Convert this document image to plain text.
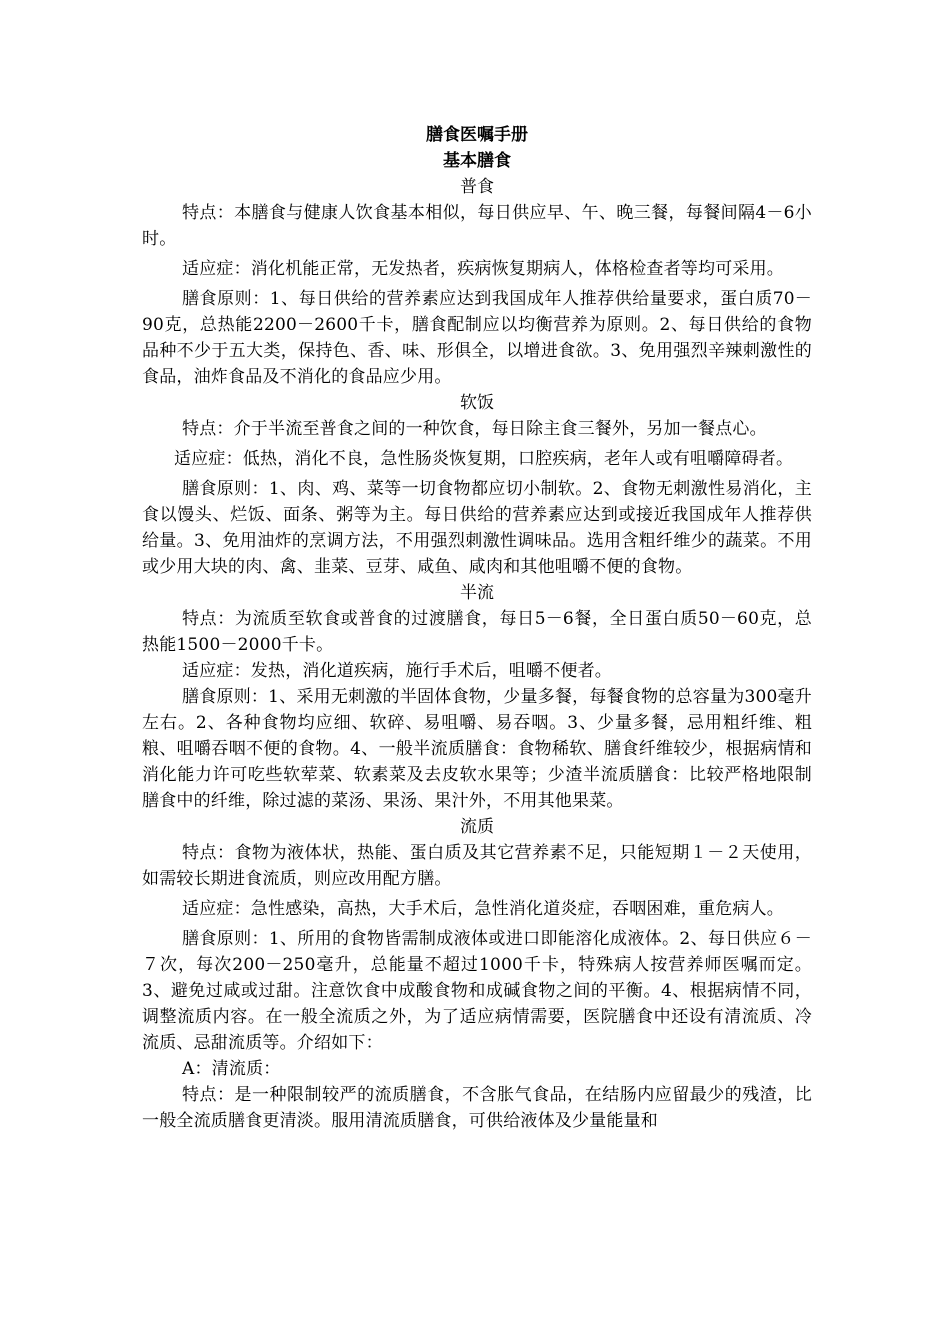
膳食医嘱手册

基本膳食

普食

特点：本膳食与健康人饮食基本相似，每日供应早、午、晚三餐，每餐间隔4－6小时。

适应症：消化机能正常，无发热者，疾病恢复期病人，体格检查者等均可采用。

膳食原则：1、每日供给的营养素应达到我国成年人推荐供给量要求，蛋白质70－90克，总热能2200－2600千卡，膳食配制应以均衡营养为原则。2、每日供给的食物品种不少于五大类，保持色、香、味、形俱全，以增进食欲。3、免用强烈辛辣刺激性的食品，油炸食品及不消化的食品应少用。

软饭

特点：介于半流至普食之间的一种饮食，每日除主食三餐外，另加一餐点心。

适应症：低热，消化不良，急性肠炎恢复期，口腔疾病，老年人或有咀嚼障碍者。

膳食原则：1、肉、鸡、菜等一切食物都应切小制软。2、食物无刺激性易消化，主食以馒头、烂饭、面条、粥等为主。每日供给的营养素应达到或接近我国成年人推荐供给量。3、免用油炸的烹调方法，不用强烈刺激性调味品。选用含粗纤维少的蔬菜。不用或少用大块的肉、禽、韭菜、豆芽、咸鱼、咸肉和其他咀嚼不便的食物。

半流

特点：为流质至软食或普食的过渡膳食，每日5－6餐，全日蛋白质50－60克，总热能1500－2000千卡。

适应症：发热，消化道疾病，施行手术后，咀嚼不便者。

膳食原则：1、采用无刺激的半固体食物，少量多餐，每餐食物的总容量为300毫升左右。2、各种食物均应细、软碎、易咀嚼、易吞咽。3、少量多餐，忌用粗纤维、粗粮、咀嚼吞咽不便的食物。4、一般半流质膳食：食物稀软、膳食纤维较少，根据病情和消化能力许可吃些软荤菜、软素菜及去皮软水果等；少渣半流质膳食：比较严格地限制膳食中的纤维，除过滤的菜汤、果汤、果汁外，不用其他果菜。

流质

特点：食物为液体状，热能、蛋白质及其它营养素不足，只能短期１－２天使用，如需较长期进食流质，则应改用配方膳。

适应症：急性感染，高热，大手术后，急性消化道炎症，吞咽困难，重危病人。

膳食原则：1、所用的食物皆需制成液体或进口即能溶化成液体。2、每日供应６－７次，每次200－250毫升，总能量不超过1000千卡，特殊病人按营养师医嘱而定。3、避免过咸或过甜。注意饮食中成酸食物和成碱食物之间的平衡。4、根据病情不同，调整流质内容。在一般全流质之外，为了适应病情需要，医院膳食中还设有清流质、冷流质、忌甜流质等。介绍如下：

A：清流质：

特点：是一种限制较严的流质膳食，不含胀气食品，在结肠内应留最少的残渣，比一般全流质膳食更清淡。服用清流质膳食，可供给液体及少量能量和
